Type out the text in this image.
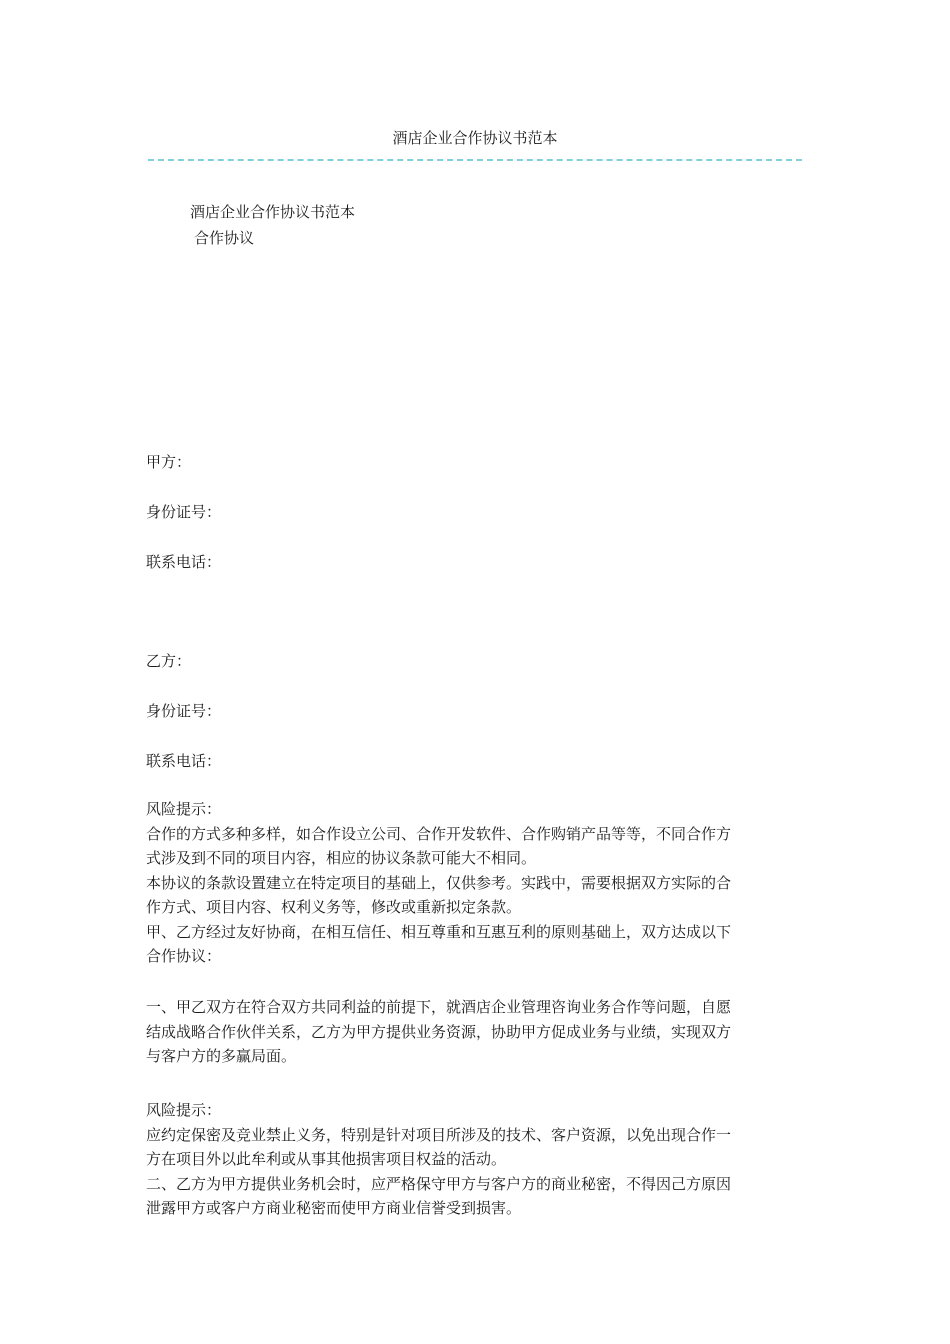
酒店企业合作协议书范本
酒店企业合作协议书范本
合作协议
甲方：
身份证号：
联系电话：
乙方：
身份证号：
联系电话：
风险提示：
合作的方式多种多样，如合作设立公司、合作开发软件、合作购销产品等等，不同合作方
式涉及到不同的项目内容，相应的协议条款可能大不相同。
本协议的条款设置建立在特定项目的基础上，仅供参考。实践中，需要根据双方实际的合
作方式、项目内容、权利义务等，修改或重新拟定条款。
甲、乙方经过友好协商，在相互信任、相互尊重和互惠互利的原则基础上，双方达成以下
合作协议：
一、甲乙双方在符合双方共同利益的前提下，就酒店企业管理咨询业务合作等问题，自愿
结成战略合作伙伴关系，乙方为甲方提供业务资源，协助甲方促成业务与业绩，实现双方
与客户方的多赢局面。
风险提示：
应约定保密及竞业禁止义务，特别是针对项目所涉及的技术、客户资源，以免出现合作一
方在项目外以此牟利或从事其他损害项目权益的活动。
二、乙方为甲方提供业务机会时，应严格保守甲方与客户方的商业秘密，不得因己方原因
泄露甲方或客户方商业秘密而使甲方商业信誉受到损害。
